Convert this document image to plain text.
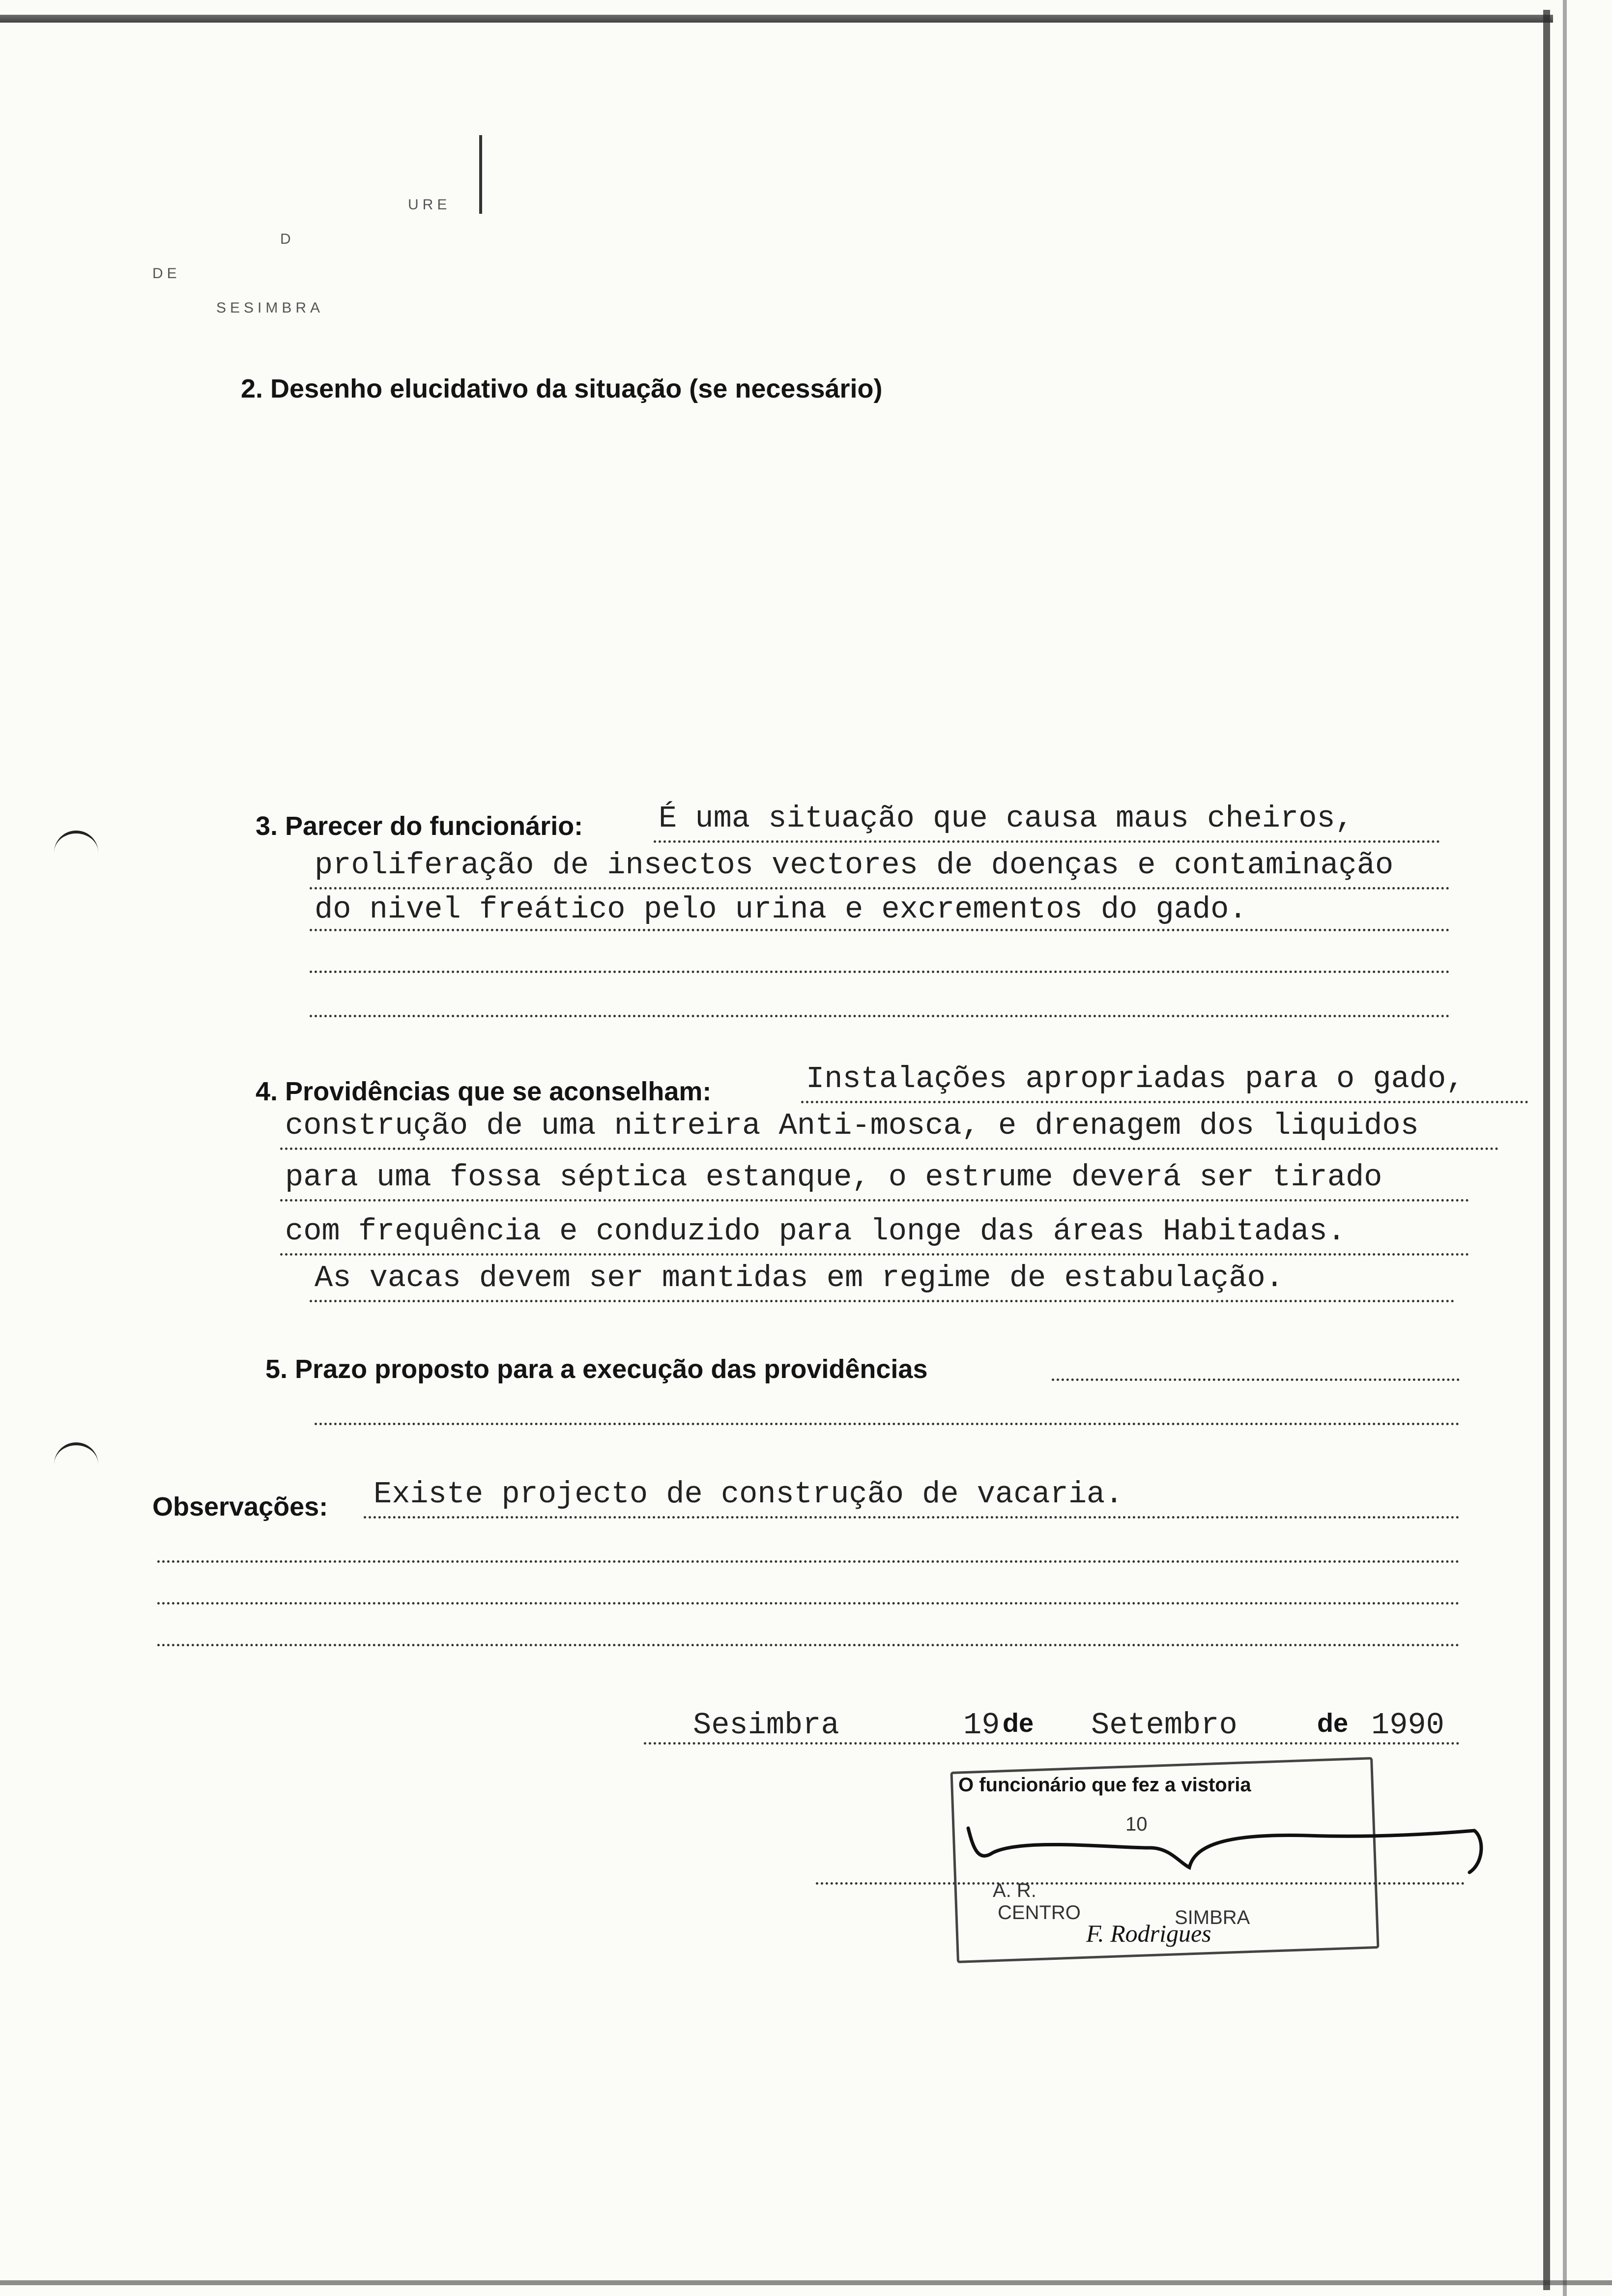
URE
D
DE
SESIMBRA
2. Desenho elucidativo da situação (se necessário)
3. Parecer do funcionário: É uma situação que causa maus cheiros,
proliferação de insectos vectores de doenças e contaminação
do nivel freático pelo urina e excrementos do gado.
4. Providências que se aconselham:	Instalações apropriadas para o gado,
construção de uma nitreira Anti-mosca, e drenagem dos liquidos
para uma fossa séptica estanque, o estrume deverá ser tirado
com frequência e conduzido para longe das áreas Habitadas.
As vacas devem ser mantidas em regime de estabulação.
5. Prazo proposto para a execução das providências
Observações: Existe projecto de construção de vacaria.
Sesimbra	19 de Setembro	de 1990
O funcionário que fez a vistoria
10
A. R.
CENTRO	SIMBRA
F. Rodrigues
